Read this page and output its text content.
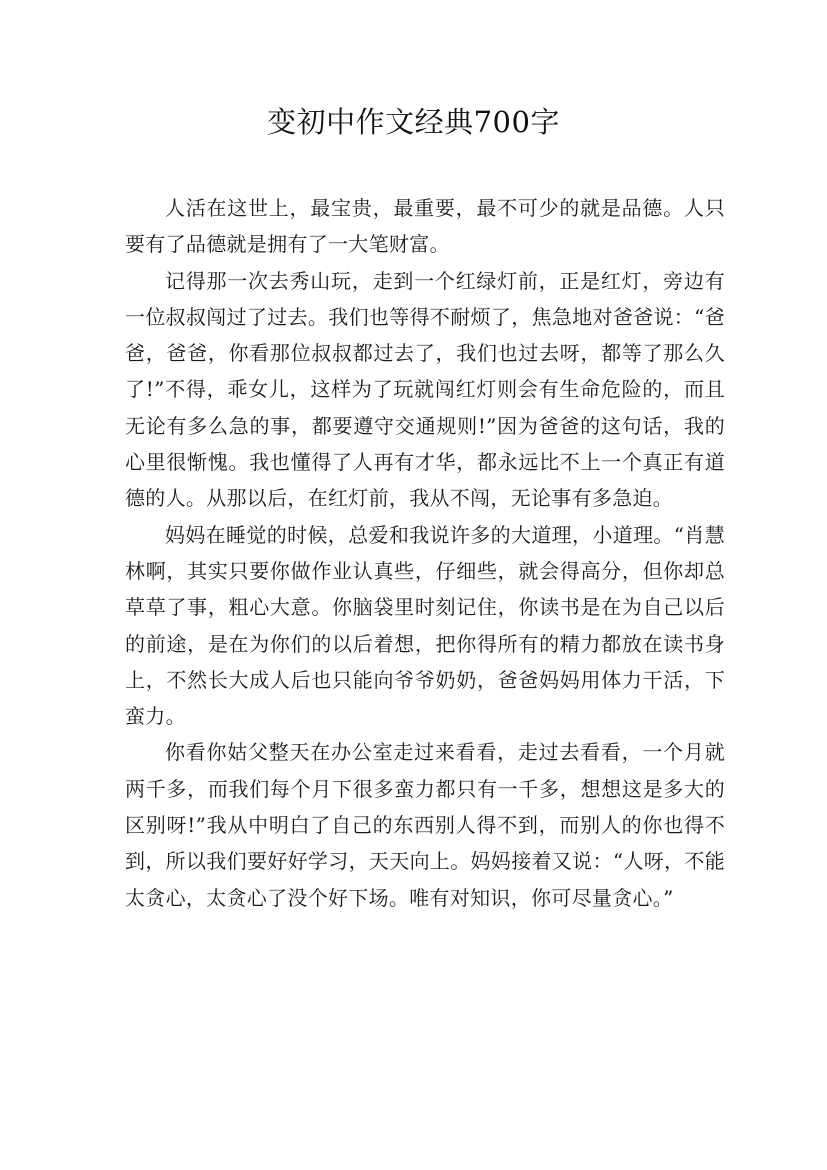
变初中作文经典700字

人活在这世上，最宝贵，最重要，最不可少的就是品德。人只要有了品德就是拥有了一大笔财富。

记得那一次去秀山玩，走到一个红绿灯前，正是红灯，旁边有一位叔叔闯过了过去。我们也等得不耐烦了，焦急地对爸爸说：“爸爸，爸爸，你看那位叔叔都过去了，我们也过去呀，都等了那么久了!”不得，乖女儿，这样为了玩就闯红灯则会有生命危险的，而且无论有多么急的事，都要遵守交通规则!”因为爸爸的这句话，我的心里很惭愧。我也懂得了人再有才华，都永远比不上一个真正有道德的人。从那以后，在红灯前，我从不闯，无论事有多急迫。

妈妈在睡觉的时候，总爱和我说许多的大道理，小道理。“肖慧林啊，其实只要你做作业认真些，仔细些，就会得高分，但你却总草草了事，粗心大意。你脑袋里时刻记住，你读书是在为自己以后的前途，是在为你们的以后着想，把你得所有的精力都放在读书身上，不然长大成人后也只能向爷爷奶奶，爸爸妈妈用体力干活，下蛮力。

你看你姑父整天在办公室走过来看看，走过去看看，一个月就两千多，而我们每个月下很多蛮力都只有一千多，想想这是多大的区别呀!”我从中明白了自己的东西别人得不到，而别人的你也得不到，所以我们要好好学习，天天向上。妈妈接着又说：“人呀，不能太贪心，太贪心了没个好下场。唯有对知识，你可尽量贪心。”
